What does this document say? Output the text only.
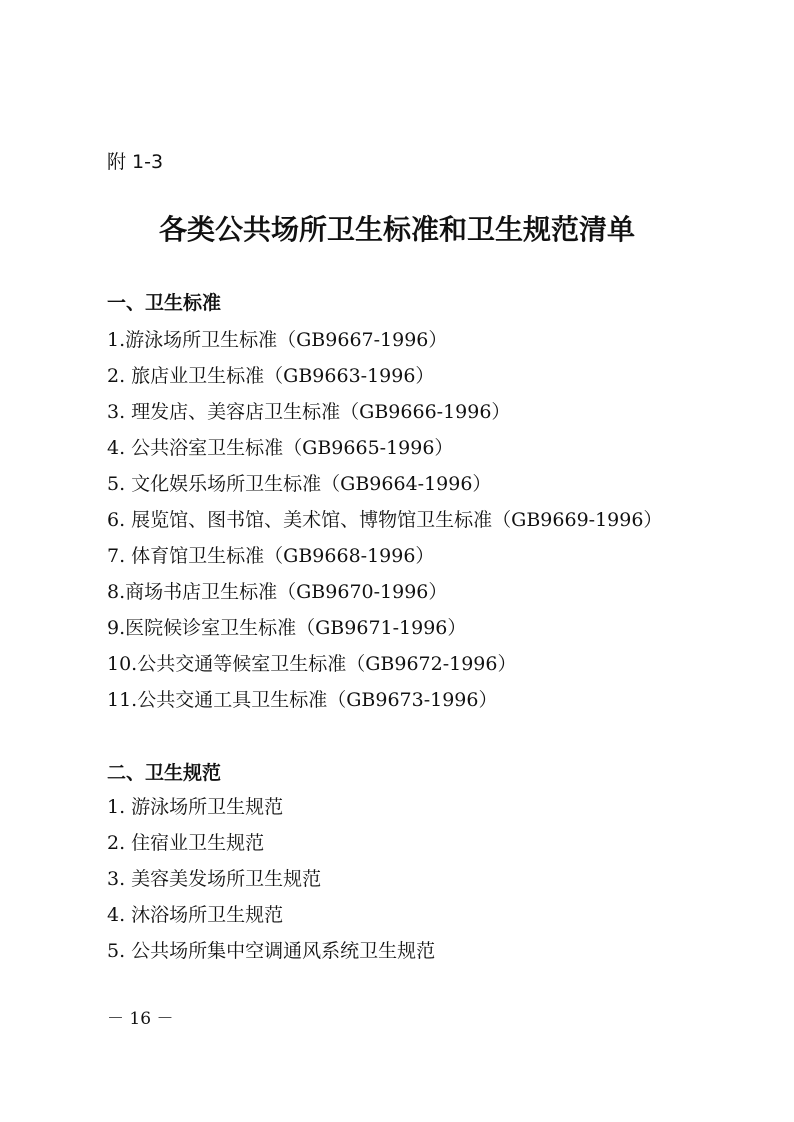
附 1-3
各类公共场所卫生标准和卫生规范清单
一、卫生标准
1.游泳场所卫生标准（GB9667-1996）
2. 旅店业卫生标准（GB9663-1996）
3. 理发店、美容店卫生标准（GB9666-1996）
4. 公共浴室卫生标准（GB9665-1996）
5. 文化娱乐场所卫生标准（GB9664-1996）
6. 展览馆、图书馆、美术馆、博物馆卫生标准（GB9669-1996）
7. 体育馆卫生标准（GB9668-1996）
8.商场书店卫生标准（GB9670-1996）
9.医院候诊室卫生标准（GB9671-1996）
10.公共交通等候室卫生标准（GB9672-1996）
11.公共交通工具卫生标准（GB9673-1996）
二、卫生规范
1. 游泳场所卫生规范
2. 住宿业卫生规范
3. 美容美发场所卫生规范
4. 沐浴场所卫生规范
5. 公共场所集中空调通风系统卫生规范
－ 16 －
